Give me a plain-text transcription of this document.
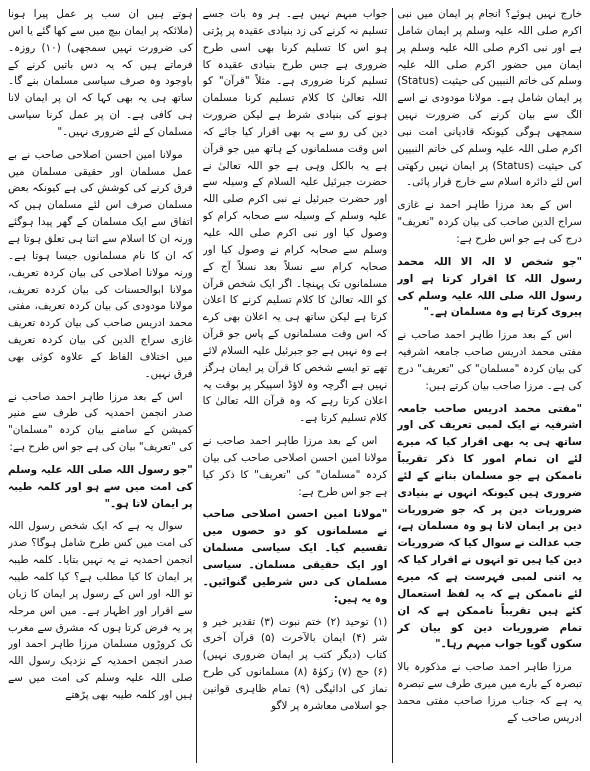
خارج نہیں ہوئے؟ انجام پر ایمان میں نبی اکرم صلی اللہ علیہ وسلم پر ایمان شامل ہے اور نبی اکرم صلی اللہ علیہ وسلم پر ایمان میں حضور اکرم صلی اللہ علیہ وسلم کی خاتم النبیین کی حیثیت (Status) پر ایمان شامل ہے۔ مولانا مودودی نے اسے الگ سے بیان کرنے کی ضرورت نہیں سمجھی ہوگی کیونکہ قادیانی امت نبی اکرم صلی اللہ علیہ وسلم کی خاتم النبیین کی حیثیت (Status) پر ایمان نہیں رکھتی اس لئے دائرہ اسلام سے خارج قرار پائی۔

اس کے بعد مرزا طاہر احمد نے غازی سراج الدین صاحب کی بیان کردہ "تعریف" درج کی ہے جو اس طرح ہے:

"جو شخص لا الہ الا اللہ محمد رسول اللہ کا اقرار کرتا ہے اور رسول اللہ صلی اللہ علیہ وسلم کی پیروی کرتا ہے وہ مسلمان ہے۔"

اس کے بعد مرزا طاہر احمد صاحب نے مفتی محمد ادریس صاحب جامعہ اشرفیہ کی بیان کردہ "مسلمان" کی "تعریف" درج کی ہے۔ مرزا صاحب بیان کرتے ہیں:

"مفتی محمد ادریس صاحب جامعہ اشرفیہ نے ایک لمبی تعریف کی اور ساتھ ہی یہ بھی اقرار کیا کہ میرے لئے ان تمام امور کا ذکر تقریباً ناممکن ہے جو مسلمان بنانے کے لئے ضروری ہیں کیونکہ انہوں نے بنیادی ضروریات دین پر کہ جو ضروریات دین پر ایمان لاتا ہو وہ مسلمان ہے، جب عدالت نے سوال کیا کہ ضروریات دین کیا ہیں تو انہوں نے اقرار کیا کہ یہ اتنی لمبی فہرست ہے کہ میرے لئے ناممکن ہے کہ یہ لفظ استعمال کئے ہیں تقریباً ناممکن ہے کہ ان تمام ضروریات دین کو بیان کر سکوں گویا جواب مبہم رہا۔"

مرزا طاہر احمد صاحب نے مذکورہ بالا تبصرہ کے بارے میں میری طرف سے تبصرہ یہ ہے کہ جناب مرزا صاحب مفتی محمد ادریس صاحب کے

جواب مبہم نہیں ہے۔ ہر وہ بات جسے تسلیم نہ کرنے کی زد بنیادی عقیدہ پر پڑتی ہو اس کا تسلیم کرنا بھی اسی طرح ضروری ہے جس طرح بنیادی عقیدہ کا تسلیم کرنا ضروری ہے۔ مثلاً "قرآن" کو اللہ تعالیٰ کا کلام تسلیم کرنا مسلمان ہونے کی بنیادی شرط ہے لیکن ضرورت دین کی رو سے یہ بھی اقرار کیا جائے کہ اس وقت مسلمانوں کے ہاتھ میں جو قرآن ہے یہ بالکل وہی ہے جو اللہ تعالیٰ نے حضرت جبرئیل علیہ السلام کے وسیلہ سے اور حضرت جبرئیل نے نبی اکرم صلی اللہ علیہ وسلم کے وسیلہ سے صحابہ کرام کو وصول کیا اور نبی اکرم صلی اللہ علیہ وسلم سے صحابہ کرام نے وصول کیا اور صحابہ کرام سے نسلاً بعد نسلاً آج کے مسلمانوں تک پہنچا۔ اگر ایک شخص قرآن کو اللہ تعالیٰ کا کلام تسلیم کرنے کا اعلان کرتا ہے لیکن ساتھ ہی یہ اعلان بھی کرے کہ اس وقت مسلمانوں کے پاس جو قرآن ہے وہ نہیں ہے جو جبرئیل علیہ السلام لائے تھے تو ایسے شخص کا قرآن پر ایمان ہرگز نہیں ہے اگرچہ وہ لاؤڈ اسپیکر پر بوقت یہ اعلان کرتا رہے کہ وہ قرآن اللہ تعالیٰ کا کلام تسلیم کرتا ہے۔

اس کے بعد مرزا طاہر احمد صاحب نے مولانا امین احسن اصلاحی صاحب کی بیان کردہ "مسلمان" کی "تعریف" کا ذکر کیا ہے جو اس طرح ہے:

"مولانا امین احسن اصلاحی صاحب نے مسلمانوں کو دو حصوں میں تقسیم کیا۔ ایک سیاسی مسلمان اور ایک حقیقی مسلمان۔ سیاسی مسلمان کی دس شرطیں گنوائیں۔ وہ یہ ہیں:

(۱) توحید (۲) ختم نبوت (۳) تقدیر خیر و شر (۴) ایمان بالآخرت (۵) قرآن آخری کتاب (دیگر کتب پر ایمان ضروری نہیں) (۶) حج (۷) زکوٰۃ (۸) مسلمانوں کی طرح نماز کی ادائیگی (۹) تمام ظاہری قوانین جو اسلامی معاشرہ پر لاگو

ہوتے ہیں ان سب پر عمل پیرا ہونا (ملائکہ پر ایمان بیچ میں سے کھا گئے یا اس کی ضرورت نہیں سمجھی) (۱۰) روزہ۔ فرماتے ہیں کہ یہ دس باتیں کرنے کے باوجود وہ صرف سیاسی مسلمان بنے گا۔ ساتھ ہی یہ بھی کہا کہ ان پر ایمان لانا ہی کافی ہے۔ ان پر عمل کرنا سیاسی مسلمان کے لئے ضروری نہیں۔"

مولانا امین احسن اصلاحی صاحب نے بے عمل مسلمان اور حقیقی مسلمان میں فرق کرنے کی کوشش کی ہے کیونکہ بعض مسلمان صرف اس لئے مسلمان ہیں کہ اتفاق سے ایک مسلمان کے گھر پیدا ہوگئے ورنہ ان کا اسلام سے اتنا ہی تعلق ہوتا ہے کہ ان کا نام مسلمانوں جیسا ہوتا ہے۔ ورنہ مولانا اصلاحی کی بیان کردہ تعریف، مولانا ابوالحسنات کی بیان کردہ تعریف، مولانا مودودی کی بیان کردہ تعریف، مفتی محمد ادریس صاحب کی بیان کردہ تعریف غازی سراج الدین کی بیان کردہ تعریف میں اختلاف الفاظ کے علاوہ کوئی بھی فرق نہیں۔

اس کے بعد مرزا طاہر احمد صاحب نے صدر انجمن احمدیہ کی طرف سے منیر کمیشن کے سامنے بیان کردہ "مسلمان" کی "تعریف" بیان کی ہے جو اس طرح ہے:

"جو رسول اللہ صلی اللہ علیہ وسلم کی امت میں سے ہو اور کلمہ طیبہ پر ایمان لاتا ہو۔"

سوال یہ ہے کہ ایک شخص رسول اللہ کی امت میں کس طرح شامل ہوگا؟ صدر انجمن احمدیہ نے یہ نہیں بتایا۔ کلمہ طیبہ پر ایمان کا کیا مطلب ہے؟ کیا کلمہ طیبہ تو اللہ اور اس کے رسول پر ایمان کا زبان سے اقرار اور اظہار ہے۔ میں اس مرحلہ پر یہ فرض کرتا ہوں کہ مشرق سے مغرب تک کروڑوں مسلمان مرزا طاہر احمد اور صدر انجمن احمدیہ کے نزدیک رسول اللہ صلی اللہ علیہ وسلم کی امت میں سے ہیں اور کلمہ طیبہ بھی پڑھتے
